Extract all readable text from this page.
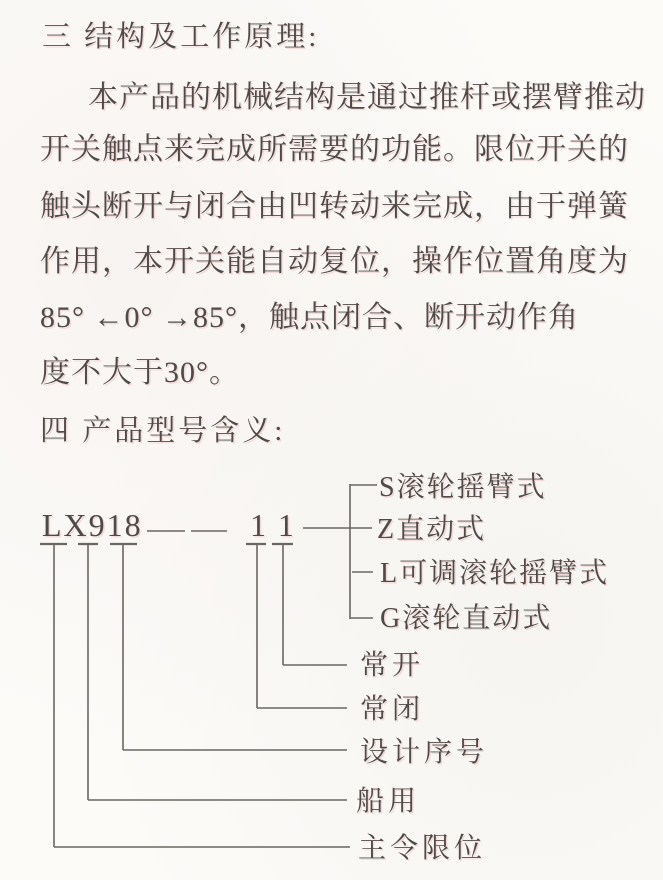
三 结构及工作原理:
本产品的机械结构是通过推杆或摆臂推动
开关触点来完成所需要的功能。限位开关的
触头断开与闭合由凹转动来完成，由于弹簧
作用，本开关能自动复位，操作位置角度为
85° ←0° →85°，触点闭合、断开动作角
度不大于30°。
四 产品型号含义:
LX918	11
S滚轮摇臂式
Z直动式
L可调滚轮摇臂式
G滚轮直动式
常开
常闭
设计序号
船用
主令限位
